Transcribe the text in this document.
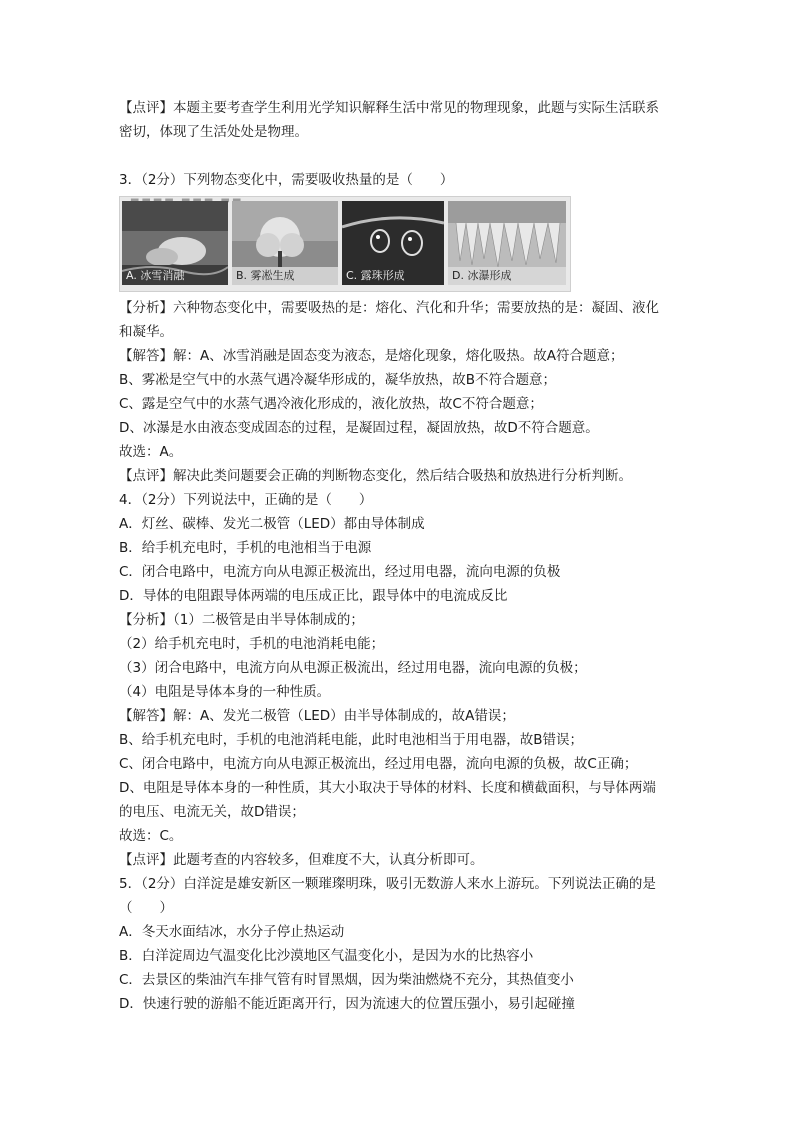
【点评】本题主要考查学生利用光学知识解释生活中常见的物理现象，此题与实际生活联系
密切，体现了生活处处是物理。
3．（2分）下列物态变化中，需要吸收热量的是（　　）
▬▬
A. 冰雪消融	B. 雾凇生成	C. 露珠形成	D. 冰瀑形成
【分析】六种物态变化中，需要吸热的是：熔化、汽化和升华；需要放热的是：凝固、液化
和凝华。
【解答】解：A、冰雪消融是固态变为液态，是熔化现象，熔化吸热。故A符合题意；
B、雾凇是空气中的水蒸气遇冷凝华形成的，凝华放热，故B不符合题意；
C、露是空气中的水蒸气遇冷液化形成的，液化放热，故C不符合题意；
D、冰瀑是水由液态变成固态的过程，是凝固过程，凝固放热，故D不符合题意。
故选：A。
【点评】解决此类问题要会正确的判断物态变化，然后结合吸热和放热进行分析判断。
4．（2分）下列说法中，正确的是（　　）
A．灯丝、碳棒、发光二极管（LED）都由导体制成
B．给手机充电时，手机的电池相当于电源
C．闭合电路中，电流方向从电源正极流出，经过用电器，流向电源的负极
D．导体的电阻跟导体两端的电压成正比，跟导体中的电流成反比
【分析】（1）二极管是由半导体制成的；
（2）给手机充电时，手机的电池消耗电能；
（3）闭合电路中，电流方向从电源正极流出，经过用电器，流向电源的负极；
（4）电阻是导体本身的一种性质。
【解答】解：A、发光二极管（LED）由半导体制成的，故A错误；
B、给手机充电时，手机的电池消耗电能，此时电池相当于用电器，故B错误；
C、闭合电路中，电流方向从电源正极流出，经过用电器，流向电源的负极，故C正确；
D、电阻是导体本身的一种性质，其大小取决于导体的材料、长度和横截面积，与导体两端
的电压、电流无关，故D错误；
故选：C。
【点评】此题考查的内容较多，但难度不大，认真分析即可。
5．（2分）白洋淀是雄安新区一颗璀璨明珠，吸引无数游人来水上游玩。下列说法正确的是
（　　）
A．冬天水面结冰，水分子停止热运动
B．白洋淀周边气温变化比沙漠地区气温变化小，是因为水的比热容小
C．去景区的柴油汽车排气管有时冒黑烟，因为柴油燃烧不充分，其热值变小
D．快速行驶的游船不能近距离开行，因为流速大的位置压强小，易引起碰撞
